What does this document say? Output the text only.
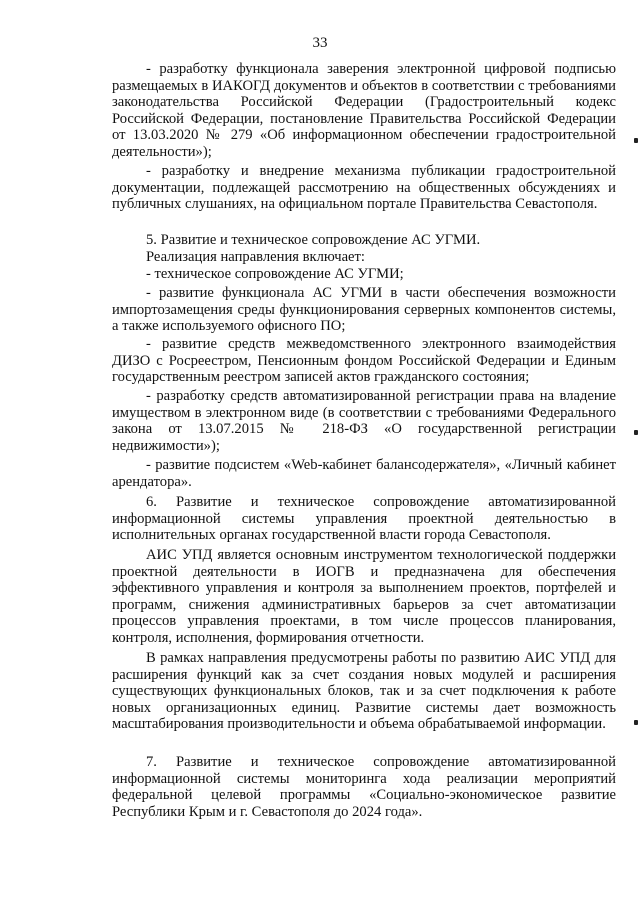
33

- разработку функционала заверения электронной цифровой подписью размещаемых в ИАКОГД документов и объектов в соответствии с требованиями законодательства Российской Федерации (Градостроительный кодекс Российской Федерации, постановление Правительства Российской Федерации от 13.03.2020 № 279 «Об информационном обеспечении градостроительной деятельности»);

- разработку и внедрение механизма публикации градостроительной документации, подлежащей рассмотрению на общественных обсуждениях и публичных слушаниях, на официальном портале Правительства Севастополя.

5. Развитие и техническое сопровождение АС УГМИ.

Реализация направления включает:

- техническое сопровождение АС УГМИ;

- развитие функционала АС УГМИ в части обеспечения возможности импортозамещения среды функционирования серверных компонентов системы, а также используемого офисного ПО;

- развитие средств межведомственного электронного взаимодействия ДИЗО с Росреестром, Пенсионным фондом Российской Федерации и Единым государственным реестром записей актов гражданского состояния;

- разработку средств автоматизированной регистрации права на владение имуществом в электронном виде (в соответствии с требованиями Федерального закона от 13.07.2015 № 218-ФЗ «О государственной регистрации недвижимости»);

- развитие подсистем «Web-кабинет балансодержателя», «Личный кабинет арендатора».

6. Развитие и техническое сопровождение автоматизированной информационной системы управления проектной деятельностью в исполнительных органах государственной власти города Севастополя.

АИС УПД является основным инструментом технологической поддержки проектной деятельности в ИОГВ и предназначена для обеспечения эффективного управления и контроля за выполнением проектов, портфелей и программ, снижения административных барьеров за счет автоматизации процессов управления проектами, в том числе процессов планирования, контроля, исполнения, формирования отчетности.

В рамках направления предусмотрены работы по развитию АИС УПД для расширения функций как за счет создания новых модулей и расширения существующих функциональных блоков, так и за счет подключения к работе новых организационных единиц. Развитие системы дает возможность масштабирования производительности и объема обрабатываемой информации.

7. Развитие и техническое сопровождение автоматизированной информационной системы мониторинга хода реализации мероприятий федеральной целевой программы «Социально-экономическое развитие Республики Крым и г. Севастополя до 2024 года».
